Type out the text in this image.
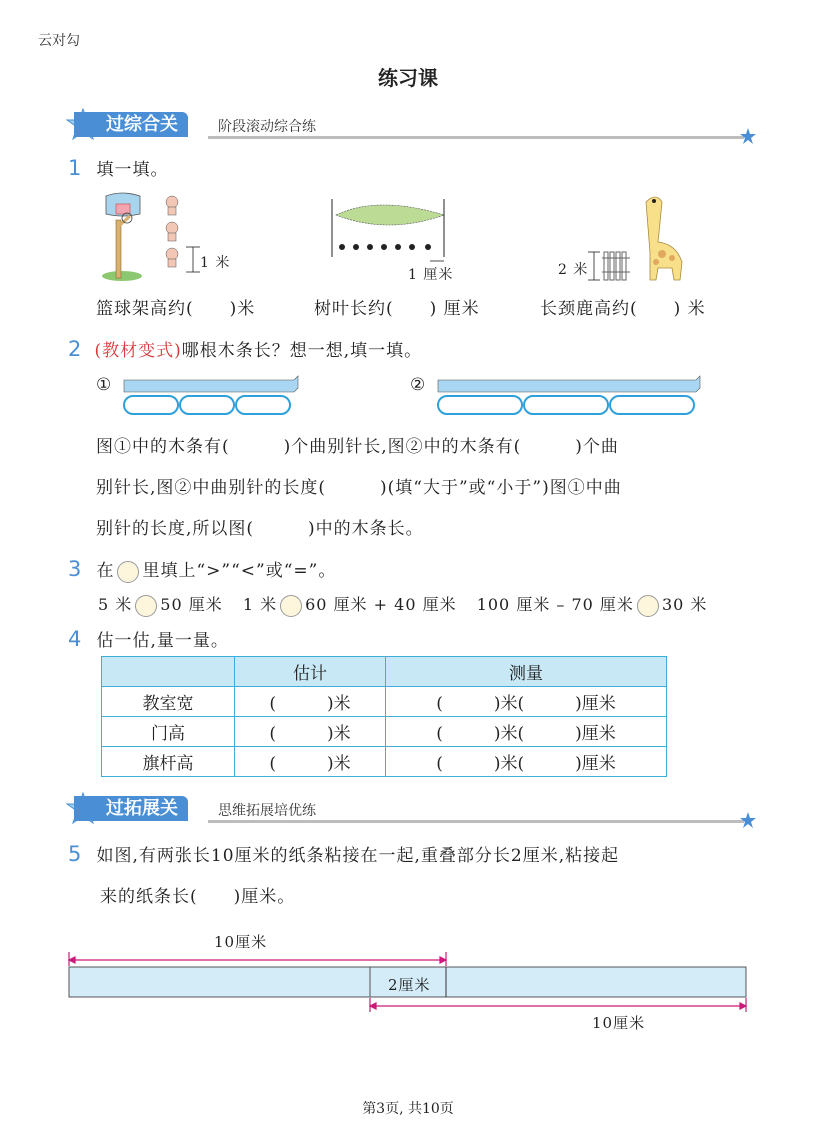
云对勾
练习课
过综合关	阶段滚动综合练
1 填一填。
1 米
1 厘米	2 米
篮球架高约(　　)米	树叶长约(　　) 厘米	长颈鹿高约(　　) 米
2 (教材变式)哪根木条长？想一想,填一填。
①	②
图①中的木条有(　　　)个曲别针长,图②中的木条有(　　　)个曲
别针长,图②中曲别针的长度(　　　)(填“大于”或“小于”)图①中曲
别针的长度,所以图(　　　)中的木条长。
3 在 里填上“>”“<”或“=”。
5 米 50 厘米 1 米 60 厘米 + 40 厘米 100 厘米 – 70 厘米 30 米
4 估一估,量一量。
	估计	测量
教室宽	(　　　)米	(　　　)米(　　　)厘米
门高	(　　　)米	(　　　)米(　　　)厘米
旗杆高	(　　　)米	(　　　)米(　　　)厘米
过拓展关	思维拓展培优练
5 如图,有两张长10厘米的纸条粘接在一起,重叠部分长2厘米,粘接起
来的纸条长(　　)厘米。
10厘米
2厘米
10厘米
第3页, 共10页
